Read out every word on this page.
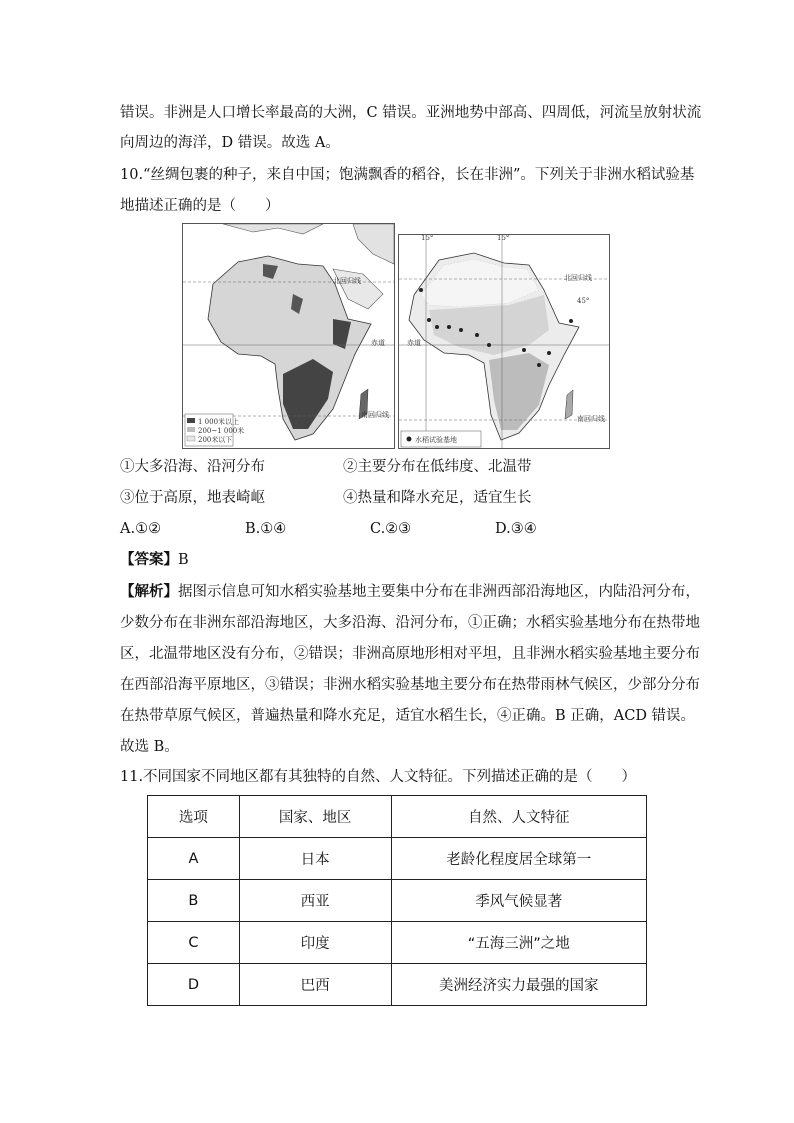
错误。非洲是人口增长率最高的大洲，C 错误。亚洲地势中部高、四周低，河流呈放射状流
向周边的海洋，D 错误。故选 A。
10.“丝绸包裹的种子，来自中国；饱满飘香的稻谷，长在非洲”。下列关于非洲水稻试验基
地描述正确的是（　　）
北回归线
赤道
南回归线
1 000米以上
200~1 000米
200米以下
15°	15°
45°
北回归线
赤道
南回归线
水稻试验基地
①大多沿海、沿河分布	②主要分布在低纬度、北温带
③位于高原，地表崎岖	④热量和降水充足，适宜生长
A.①②	B.①④	C.②③	D.③④
【答案】B
【解析】据图示信息可知水稻实验基地主要集中分布在非洲西部沿海地区，内陆沿河分布，
少数分布在非洲东部沿海地区，大多沿海、沿河分布，①正确；水稻实验基地分布在热带地
区，北温带地区没有分布，②错误；非洲高原地形相对平坦，且非洲水稻实验基地主要分布
在西部沿海平原地区，③错误；非洲水稻实验基地主要分布在热带雨林气候区，少部分分布
在热带草原气候区，普遍热量和降水充足，适宜水稻生长，④正确。B 正确，ACD 错误。
故选 B。
11.不同国家不同地区都有其独特的自然、人文特征。下列描述正确的是（　　）
选项	国家、地区	自然、人文特征
A	日本	老龄化程度居全球第一
B	西亚	季风气候显著
C	印度	“五海三洲”之地
D	巴西	美洲经济实力最强的国家
